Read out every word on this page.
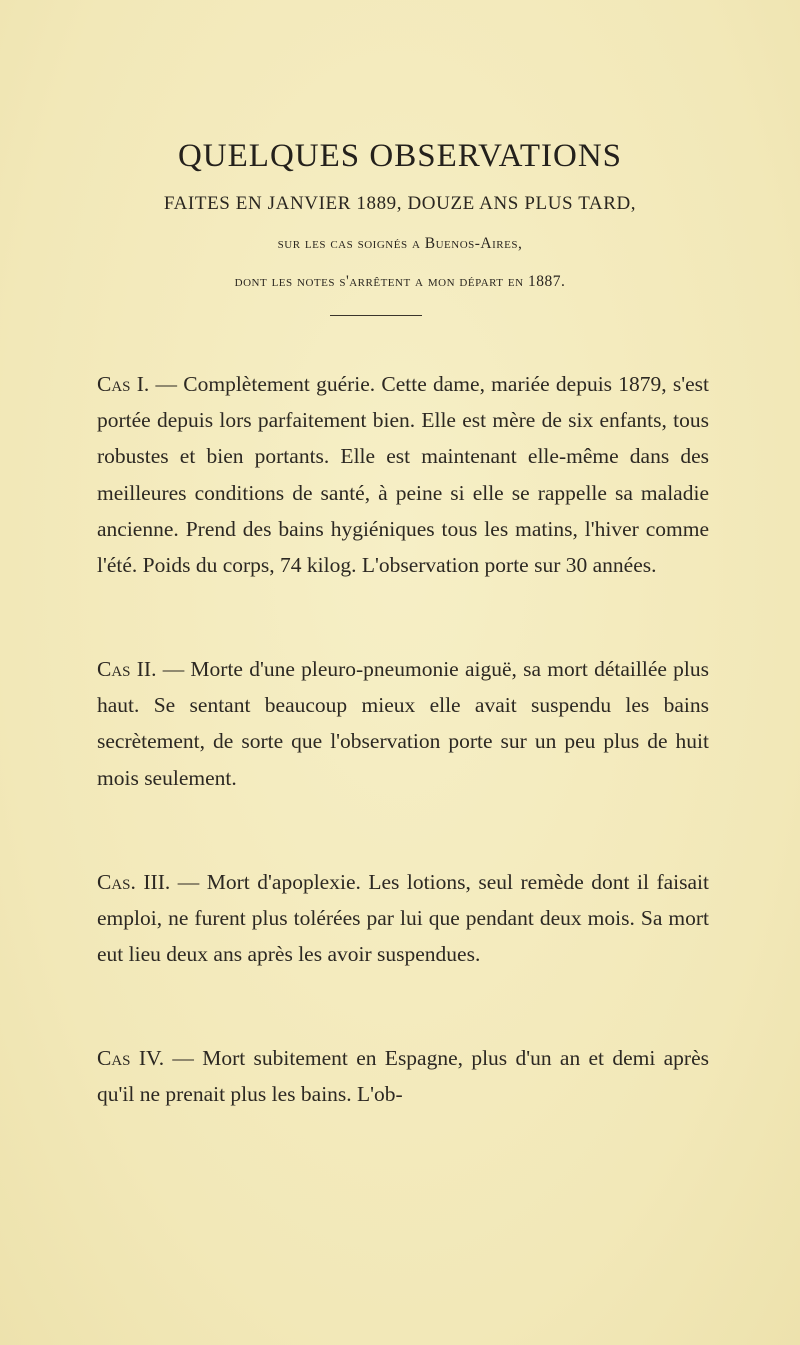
QUELQUES OBSERVATIONS
FAITES EN JANVIER 1889, DOUZE ANS PLUS TARD,
sur les cas soignés a Buenos-Aires,
dont les notes s'arrêtent a mon départ en 1887.
Cas I. — Complètement guérie. Cette dame, mariée depuis 1879, s'est portée depuis lors parfaitement bien. Elle est mère de six enfants, tous robustes et bien portants. Elle est maintenant elle-même dans des meilleures conditions de santé, à peine si elle se rappelle sa maladie ancienne. Prend des bains hygiéniques tous les matins, l'hiver comme l'été. Poids du corps, 74 kilog. L'observation porte sur 30 années.
Cas II. — Morte d'une pleuro-pneumonie aiguë, sa mort détaillée plus haut. Se sentant beaucoup mieux elle avait suspendu les bains secrètement, de sorte que l'observation porte sur un peu plus de huit mois seulement.
Cas. III. — Mort d'apoplexie. Les lotions, seul remède dont il faisait emploi, ne furent plus tolérées par lui que pendant deux mois. Sa mort eut lieu deux ans après les avoir suspendues.
Cas IV. — Mort subitement en Espagne, plus d'un an et demi après qu'il ne prenait plus les bains. L'ob-
